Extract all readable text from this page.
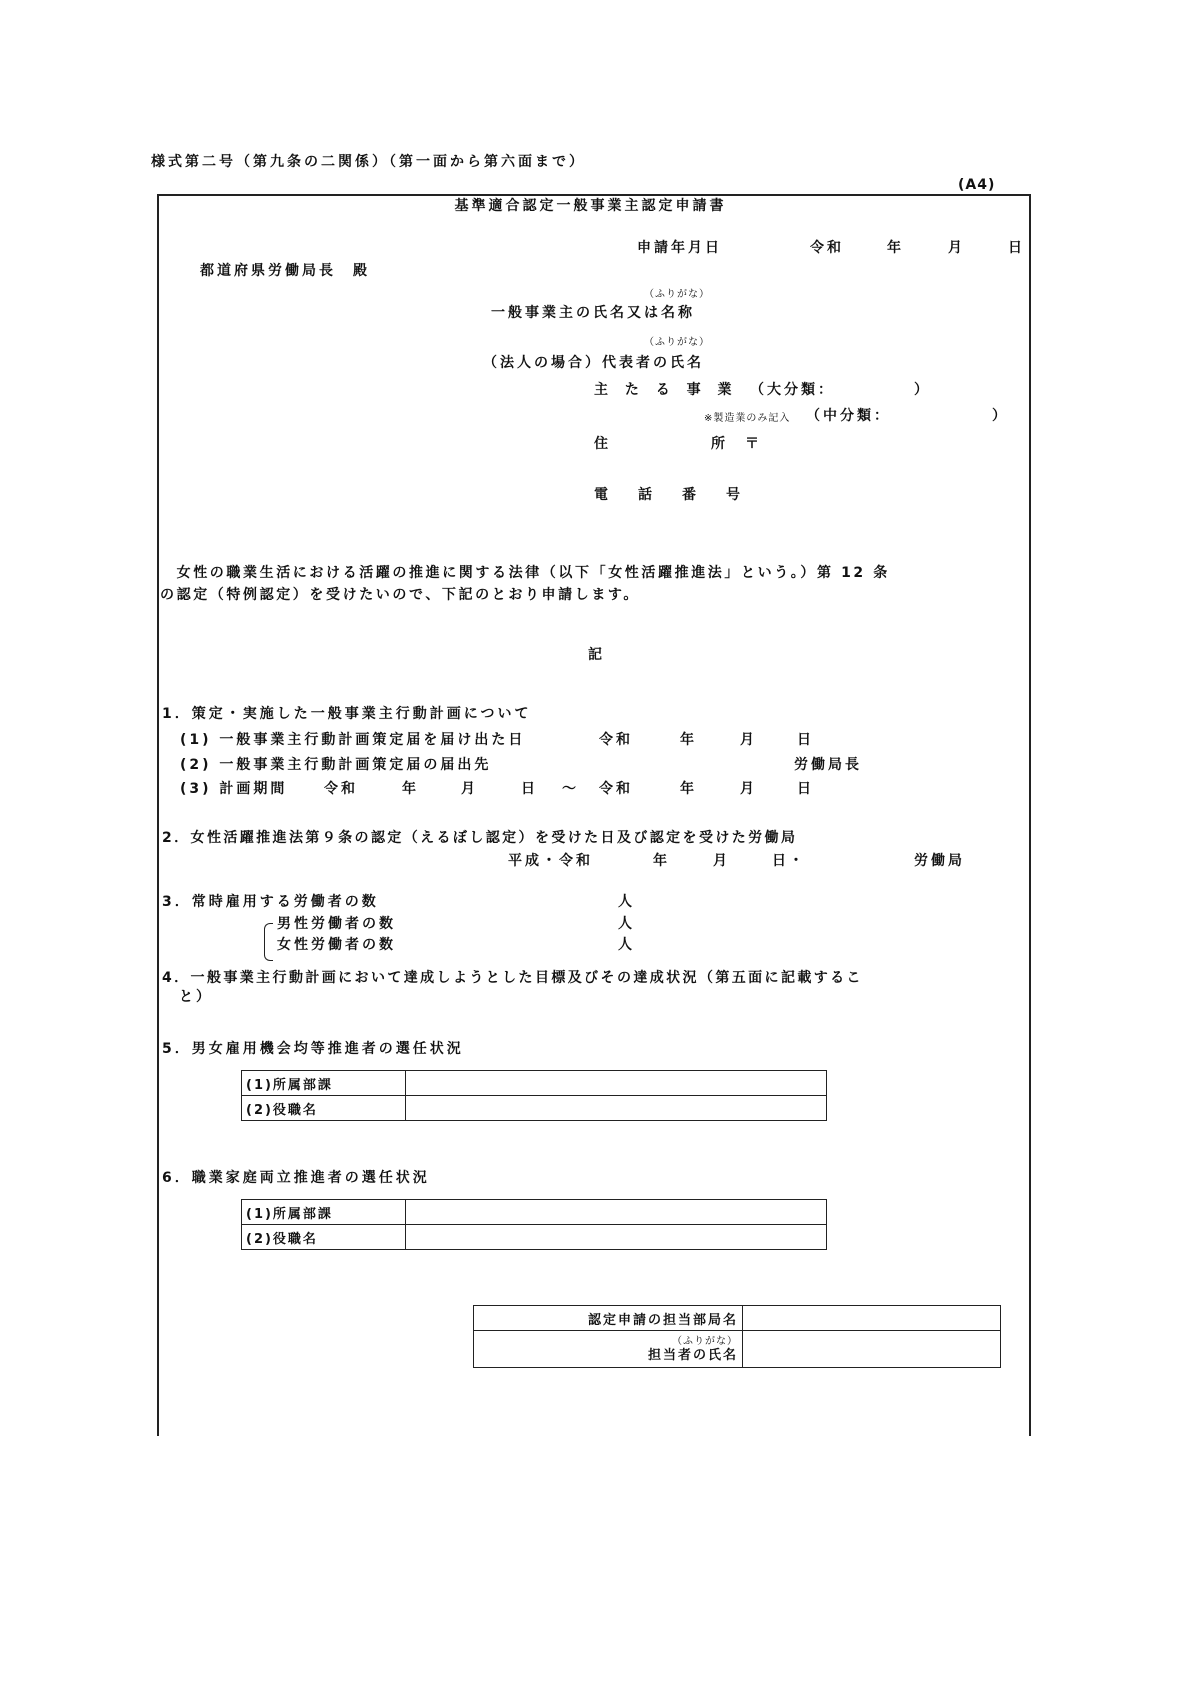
様式第二号（第九条の二関係）（第一面から第六面まで）
(A4)
基準適合認定一般事業主認定申請書
申請年月日	令和	年	月	日
都道府県労働局長　殿
（ふりがな）
一般事業主の氏名又は名称
（ふりがな）
（法人の場合）代表者の氏名
主 た る 事 業 （大分類：	）
※製造業のみ記入 （中分類：	）
住	所 〒
電　話　番　号
　女性の職業生活における活躍の推進に関する法律（以下「女性活躍推進法」という。）第 12 条
の認定（特例認定）を受けたいので、下記のとおり申請します。
記
1．策定・実施した一般事業主行動計画について
(1) 一般事業主行動計画策定届を届け出た日	令和	年	月	日
(2) 一般事業主行動計画策定届の届出先	労働局長
(3) 計画期間	令和	年	月	日 ～ 令和	年	月	日
2．女性活躍推進法第９条の認定（えるぼし認定）を受けた日及び認定を受けた労働局
平成・令和	年	月	日・	労働局
3．常時雇用する労働者の数	人
男性労働者の数	人
女性労働者の数	人
4．一般事業主行動計画において達成しようとした目標及びその達成状況（第五面に記載するこ
　と）
5．男女雇用機会均等推進者の選任状況
(1)所属部課	
(2)役職名	
6．職業家庭両立推進者の選任状況
(1)所属部課	
(2)役職名	
認定申請の担当部局名	

（ふりがな）
担当者の氏名	
